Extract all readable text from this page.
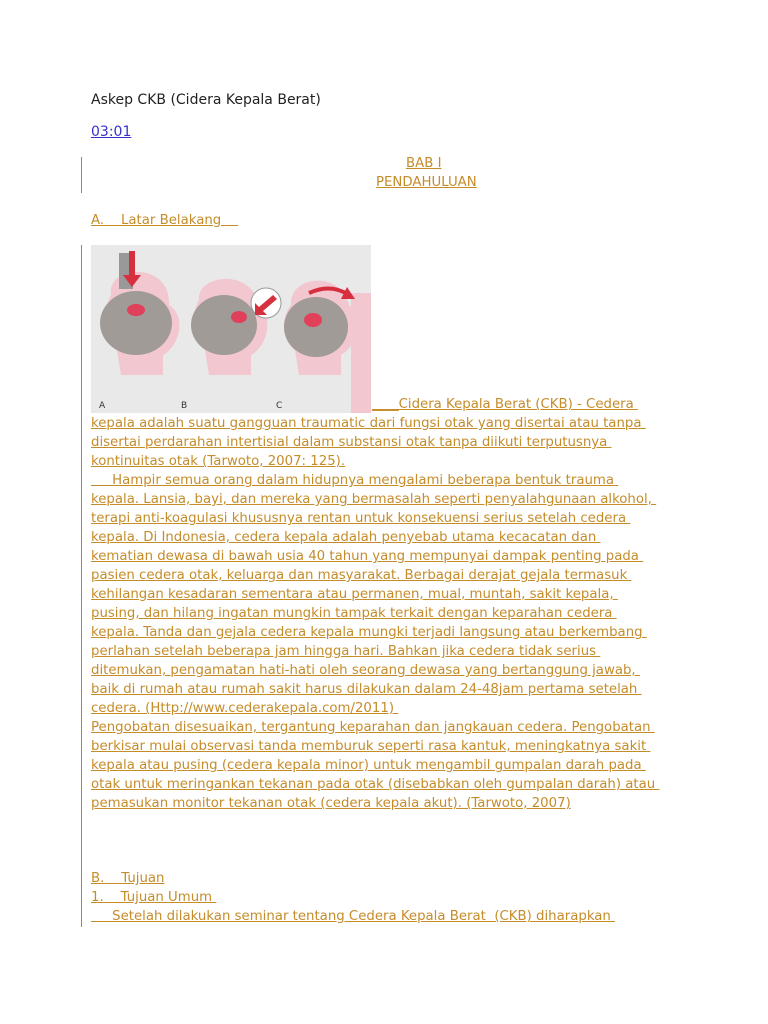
Askep CKB (Cidera Kepala Berat)
03:01
BAB I
PENDAHULUAN
A.    Latar Belakang
A	B	C	____Cidera Kepala Berat (CKB) - Cedera
kepala adalah suatu gangguan traumatic dari fungsi otak yang disertai atau tanpa
disertai perdarahan intertisial dalam substansi otak tanpa diikuti terputusnya
kontinuitas otak (Tarwoto, 2007: 125).
Hampir semua orang dalam hidupnya mengalami beberapa bentuk trauma
kepala. Lansia, bayi, dan mereka yang bermasalah seperti penyalahgunaan alkohol,
terapi anti-koagulasi khususnya rentan untuk konsekuensi serius setelah cedera
kepala. Di Indonesia, cedera kepala adalah penyebab utama kecacatan dan
kematian dewasa di bawah usia 40 tahun yang mempunyai dampak penting pada
pasien cedera otak, keluarga dan masyarakat. Berbagai derajat gejala termasuk
kehilangan kesadaran sementara atau permanen, mual, muntah, sakit kepala,
pusing, dan hilang ingatan mungkin tampak terkait dengan keparahan cedera
kepala. Tanda dan gejala cedera kepala mungki terjadi langsung atau berkembang
perlahan setelah beberapa jam hingga hari. Bahkan jika cedera tidak serius
ditemukan, pengamatan hati-hati oleh seorang dewasa yang bertanggung jawab,
baik di rumah atau rumah sakit harus dilakukan dalam 24-48jam pertama setelah
cedera. (Http://www.cederakepala.com/2011)
Pengobatan disesuaikan, tergantung keparahan dan jangkauan cedera. Pengobatan
berkisar mulai observasi tanda memburuk seperti rasa kantuk, meningkatnya sakit
kepala atau pusing (cedera kepala minor) untuk mengambil gumpalan darah pada
otak untuk meringankan tekanan pada otak (disebabkan oleh gumpalan darah) atau
pemasukan monitor tekanan otak (cedera kepala akut). (Tarwoto, 2007)
B.    Tujuan
1.    Tujuan Umum
Setelah dilakukan seminar tentang Cedera Kepala Berat  (CKB) diharapkan
